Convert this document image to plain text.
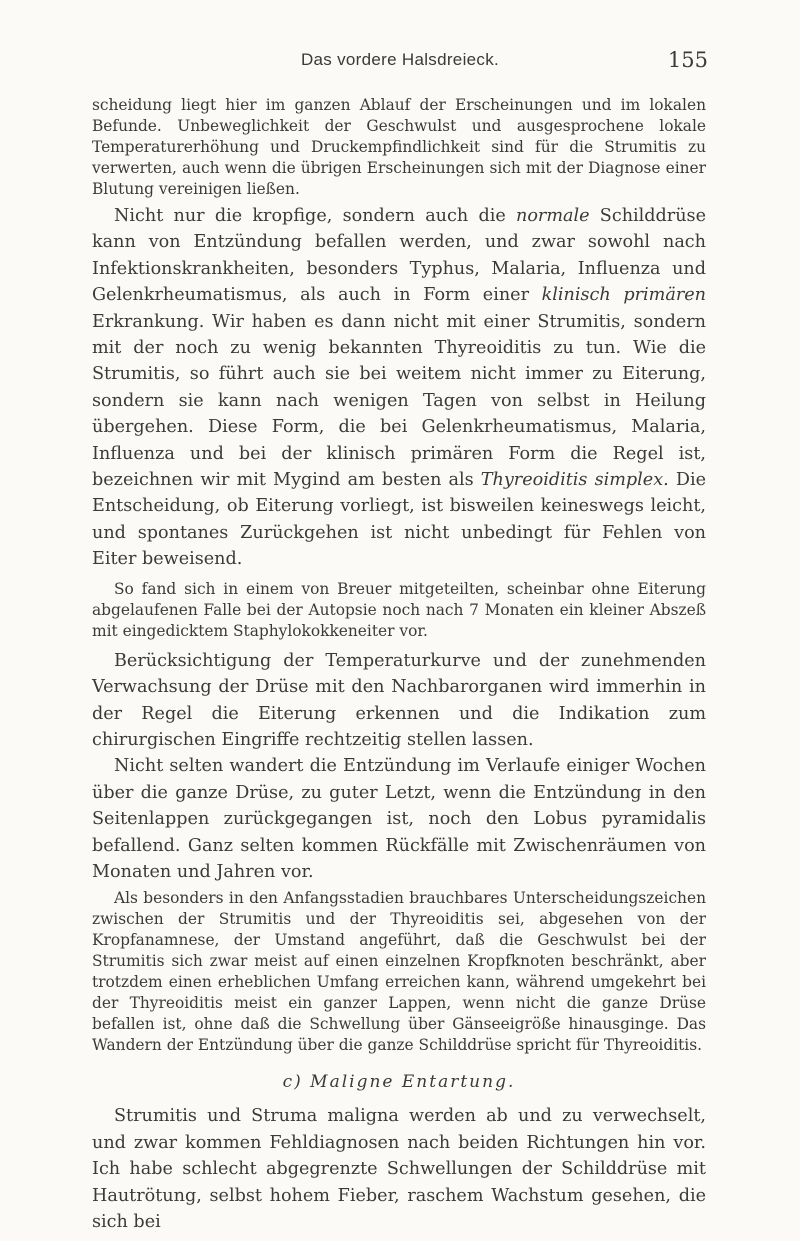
Das vordere Halsdreieck.	155

scheidung liegt hier im ganzen Ablauf der Erscheinungen und im lokalen Befunde. Unbeweglichkeit der Geschwulst und ausgesprochene lokale Temperaturerhöhung und Druckempfindlichkeit sind für die Strumitis zu verwerten, auch wenn die übrigen Erscheinungen sich mit der Diagnose einer Blutung vereinigen ließen.

Nicht nur die kropfige, sondern auch die normale Schilddrüse kann von Entzündung befallen werden, und zwar sowohl nach Infektionskrankheiten, besonders Typhus, Malaria, Influenza und Gelenkrheumatismus, als auch in Form einer klinisch primären Erkrankung. Wir haben es dann nicht mit einer Strumitis, sondern mit der noch zu wenig bekannten Thyreoiditis zu tun. Wie die Strumitis, so führt auch sie bei weitem nicht immer zu Eiterung, sondern sie kann nach wenigen Tagen von selbst in Heilung übergehen. Diese Form, die bei Gelenkrheumatismus, Malaria, Influenza und bei der klinisch primären Form die Regel ist, bezeichnen wir mit Mygind am besten als Thyreoiditis simplex. Die Entscheidung, ob Eiterung vorliegt, ist bisweilen keineswegs leicht, und spontanes Zurückgehen ist nicht unbedingt für Fehlen von Eiter beweisend.

So fand sich in einem von Breuer mitgeteilten, scheinbar ohne Eiterung abgelaufenen Falle bei der Autopsie noch nach 7 Monaten ein kleiner Abszeß mit eingedicktem Staphylokokkeneiter vor.

Berücksichtigung der Temperaturkurve und der zunehmenden Verwachsung der Drüse mit den Nachbarorganen wird immerhin in der Regel die Eiterung erkennen und die Indikation zum chirurgischen Eingriffe rechtzeitig stellen lassen.

Nicht selten wandert die Entzündung im Verlaufe einiger Wochen über die ganze Drüse, zu guter Letzt, wenn die Entzündung in den Seitenlappen zurückgegangen ist, noch den Lobus pyramidalis befallend. Ganz selten kommen Rückfälle mit Zwischenräumen von Monaten und Jahren vor.

Als besonders in den Anfangsstadien brauchbares Unterscheidungszeichen zwischen der Strumitis und der Thyreoiditis sei, abgesehen von der Kropfanamnese, der Umstand angeführt, daß die Geschwulst bei der Strumitis sich zwar meist auf einen einzelnen Kropfknoten beschränkt, aber trotzdem einen erheblichen Umfang erreichen kann, während umgekehrt bei der Thyreoiditis meist ein ganzer Lappen, wenn nicht die ganze Drüse befallen ist, ohne daß die Schwellung über Gänseeigröße hinausginge. Das Wandern der Entzündung über die ganze Schilddrüse spricht für Thyreoiditis.

c) Maligne Entartung.

Strumitis und Struma maligna werden ab und zu verwechselt, und zwar kommen Fehldiagnosen nach beiden Richtungen hin vor. Ich habe schlecht abgegrenzte Schwellungen der Schilddrüse mit Hautrötung, selbst hohem Fieber, raschem Wachstum gesehen, die sich bei
